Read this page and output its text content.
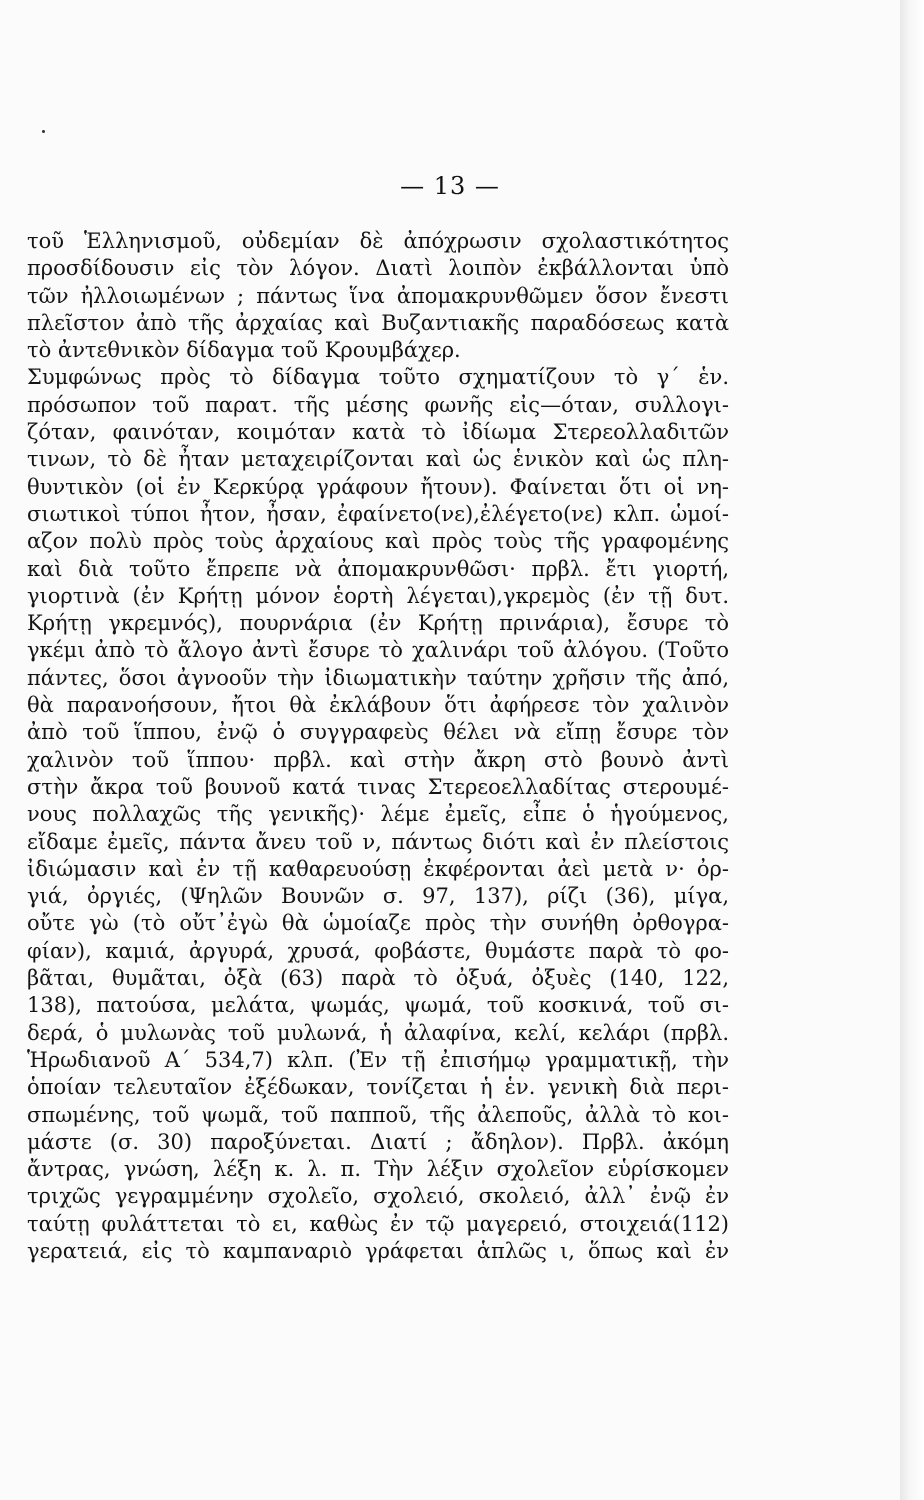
— 13 —
τοῦ Ἑλληνισμοῦ, οὐδεμίαν δὲ ἀπόχρωσιν σχολαστικότητος
προσδίδουσιν εἰς τὸν λόγον. Διατὶ λοιπὸν ἐκβάλλονται ὑπὸ
τῶν ἠλλοιωμένων ; πάντως ἵνα ἀπομακρυνθῶμεν ὅσον ἔνεστι
πλεῖστον ἀπὸ τῆς ἀρχαίας καὶ Βυζαντιακῆς παραδόσεως κατὰ
τὸ ἀντεθνικὸν δίδαγμα τοῦ Κρουμβάχερ.
Συμφώνως πρὸς τὸ δίδαγμα τοῦτο σχηματίζουν τὸ γ΄ ἑν.
πρόσωπον τοῦ παρατ. τῆς μέσης φωνῆς εἰς—όταν, συλλογι-
ζόταν, φαινόταν, κοιμόταν κατὰ τὸ ἰδίωμα Στερεολλαδιτῶν
τινων, τὸ δὲ ἦταν μεταχειρίζονται καὶ ὡς ἑνικὸν καὶ ὡς πλη-
θυντικὸν (οἱ ἐν Κερκύρᾳ γράφουν ἤτουν). Φαίνεται ὅτι οἱ νη-
σιωτικοὶ τύποι ἦτον, ἦσαν, ἐφαίνετο(νε),ἐλέγετο(νε) κλπ. ὡμοί-
αζον πολὺ πρὸς τοὺς ἀρχαίους καὶ πρὸς τοὺς τῆς γραφομένης
καὶ διὰ τοῦτο ἔπρεπε νὰ ἀπομακρυνθῶσι· πρβλ. ἔτι γιορτή,
γιορτινὰ (ἐν Κρήτῃ μόνον ἑορτὴ λέγεται),γκρεμὸς (ἐν τῇ δυτ.
Κρήτῃ γκρεμνός), πουρνάρια (ἐν Κρήτῃ πρινάρια), ἔσυρε τὸ
γκέμι ἀπὸ τὸ ἄλογο ἀντὶ ἔσυρε τὸ χαλινάρι τοῦ ἀλόγου. (Τοῦτο
πάντες, ὅσοι ἀγνοοῦν τὴν ἰδιωματικὴν ταύτην χρῆσιν τῆς ἀπό,
θὰ παρανοήσουν, ἤτοι θὰ ἐκλάβουν ὅτι ἀφήρεσε τὸν χαλινὸν
ἀπὸ τοῦ ἵππου, ἐνῷ ὁ συγγραφεὺς θέλει νὰ εἴπῃ ἔσυρε τὸν
χαλινὸν τοῦ ἵππου· πρβλ. καὶ στὴν ἄκρη στὸ βουνὸ ἀντὶ
στὴν ἄκρα τοῦ βουνοῦ κατά τινας Στερεοελλαδίτας στερουμέ-
νους πολλαχῶς τῆς γενικῆς)· λέμε ἐμεῖς, εἶπε ὁ ἡγούμενος,
εἴδαμε ἐμεῖς, πάντα ἄνευ τοῦ ν, πάντως διότι καὶ ἐν πλείστοις
ἰδιώμασιν καὶ ἐν τῇ καθαρευούσῃ ἐκφέρονται ἀεὶ μετὰ ν· ὀρ-
γιά, ὀργιές, (Ψηλῶν Βουνῶν σ. 97, 137), ρίζι (36), μίγα,
οὔτε γὼ (τὸ οὔτ᾽ἐγὼ θὰ ὡμοίαζε πρὸς τὴν συνήθη ὀρθογρα-
φίαν), καμιά, ἀργυρά, χρυσά, φοβάστε, θυμάστε παρὰ τὸ φο-
βᾶται, θυμᾶται, ὀξὰ (63) παρὰ τὸ ὀξυά, ὀξυὲς (140, 122,
138), πατούσα, μελάτα, ψωμάς, ψωμά, τοῦ κοσκινά, τοῦ σι-
δερά, ὁ μυλωνὰς τοῦ μυλωνά, ἡ ἀλαφίνα, κελί, κελάρι (πρβλ.
Ἡρωδιανοῦ Α΄ 534,7) κλπ. (Ἐν τῇ ἐπισήμῳ γραμματικῇ, τὴν
ὁποίαν τελευταῖον ἐξέδωκαν, τονίζεται ἡ ἑν. γενικὴ διὰ περι-
σπωμένης, τοῦ ψωμᾶ, τοῦ παπποῦ, τῆς ἀλεποῦς, ἀλλὰ τὸ κοι-
μάστε (σ. 30) παροξύνεται. Διατί ; ἄδηλον). Πρβλ. ἀκόμη
ἄντρας, γνώση, λέξη κ. λ. π. Τὴν λέξιν σχολεῖον εὑρίσκομεν
τριχῶς γεγραμμένην σχολεῖο, σχολειό, σκολειό, ἀλλ᾽ ἐνῷ ἐν
ταύτῃ φυλάττεται τὸ ει, καθὼς ἐν τῷ μαγερειό, στοιχειά(112)
γερατειά, εἰς τὸ καμπαναριὸ γράφεται ἁπλῶς ι, ὅπως καὶ ἐν
